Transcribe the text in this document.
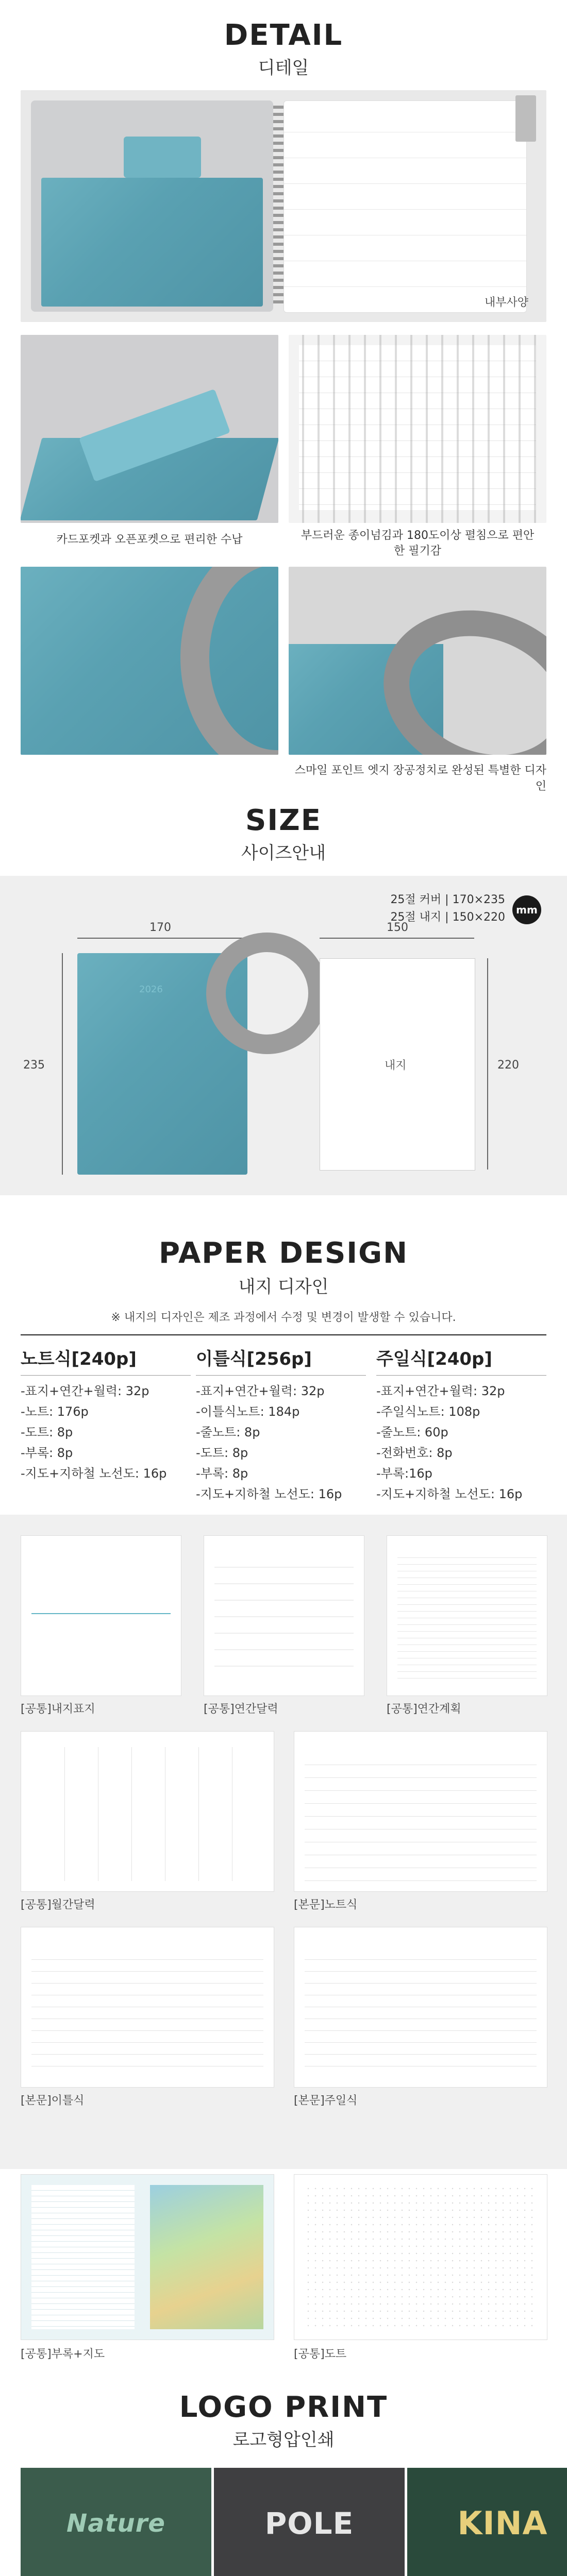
DETAIL
디테일
내부사양
카드포켓과 오픈포켓으로 편리한 수납	부드러운 종이넘김과 180도이상 펼침으로 편안한 필기감
스마일 포인트 엣지 장공정치로 완성된 특별한 디자인
SIZE
사이즈안내
25절 커버 | 170×235
25절 내지 | 150×220
mm
170
2026
235
150
내지	220
PAPER DESIGN
내지 디자인
※ 내지의 디자인은 제조 과정에서 수정 및 변경이 발생할 수 있습니다.
노트식[240p]
-표지+연간+월력: 32p
-노트: 176p
-도트: 8p
-부록: 8p
-지도+지하철 노선도: 16p
이틀식[256p]
-표지+연간+월력: 32p
-이틀식노트: 184p
-줄노트: 8p
-도트: 8p
-부록: 8p
-지도+지하철 노선도: 16p
주일식[240p]
-표지+연간+월력: 32p
-주일식노트: 108p
-줄노트: 60p
-전화번호: 8p
-부록:16p
-지도+지하철 노선도: 16p
[공통]내지표지	[공통]연간달력	[공통]연간계획
[공통]월간달력	[본문]노트식
[본문]이틀식	[본문]주일식
[공통]부록+지도	[공통]도트
LOGO PRINT
로고형압인쇄
Nature	POLE	KINA
